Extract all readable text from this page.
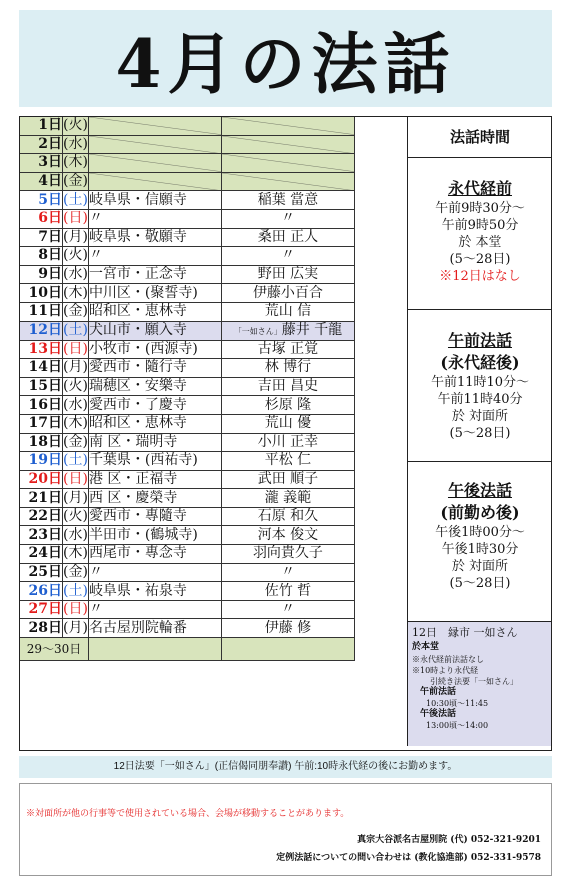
4月の法話
1日	(火)	

2日	(水)	

3日	(木)	

4日	(金)	

5日	(土)	岐阜県・信願寺	稲葉 當意
6日	(日)	〃	〃
7日	(月)	岐阜県・敬願寺	桑田 正人
8日	(火)	〃	〃
9日	(水)	一宮市・正念寺	野田 広実
10日	(木)	中川区・(聚誓寺)	伊藤小百合
11日	(金)	昭和区・恵林寺	荒山 信
12日	(土)	犬山市・願入寺	「一如さん」藤井 千龍
13日	(日)	小牧市・(西源寺)	古塚 正覚
14日	(月)	愛西市・隨行寺	林 博行
15日	(火)	瑞穂区・安樂寺	吉田 昌史
16日	(水)	愛西市・了慶寺	杉原 隆
17日	(木)	昭和区・恵林寺	荒山 優
18日	(金)	南 区・瑞明寺	小川 正幸
19日	(土)	千葉県・(西祐寺)	平松 仁
20日	(日)	港 区・正福寺	武田 順子
21日	(月)	西 区・慶榮寺	瀧 義範
22日	(火)	愛西市・專隨寺	石原 和久
23日	(水)	半田市・(鶴城寺)	河本 俊文
24日	(木)	西尾市・專念寺	羽向貴久子
25日	(金)	〃	〃
26日	(土)	岐阜県・祐泉寺	佐竹 哲
27日	(日)	〃	〃
28日	(月)	名古屋別院輪番	伊藤 修
29〜30日			
法話時間
永代経前
午前9時30分〜
午前9時50分
於 本堂
(5〜28日)
※12日はなし
午前法話
(永代経後)
午前11時10分〜
午前11時40分
於 対面所
(5〜28日)
午後法話
(前勤め後)
午後1時00分〜
午後1時30分
於 対面所
(5〜28日)
12日　縁市 一如さん
於本堂
※永代経前法話なし
※10時より永代経
引続き法要「一如さん」
午前法話
10:30頃〜11:45
午後法話
13:00頃〜14:00
12日法要「一如さん」(正信偈同朋奉讃) 午前:10時永代経の後にお勤めます。
※対面所が他の行事等で使用されている場合、会場が移動することがあります。
真宗大谷派名古屋別院 (代) 052-321-9201
定例法話についての問い合わせは (教化協進部) 052-331-9578
